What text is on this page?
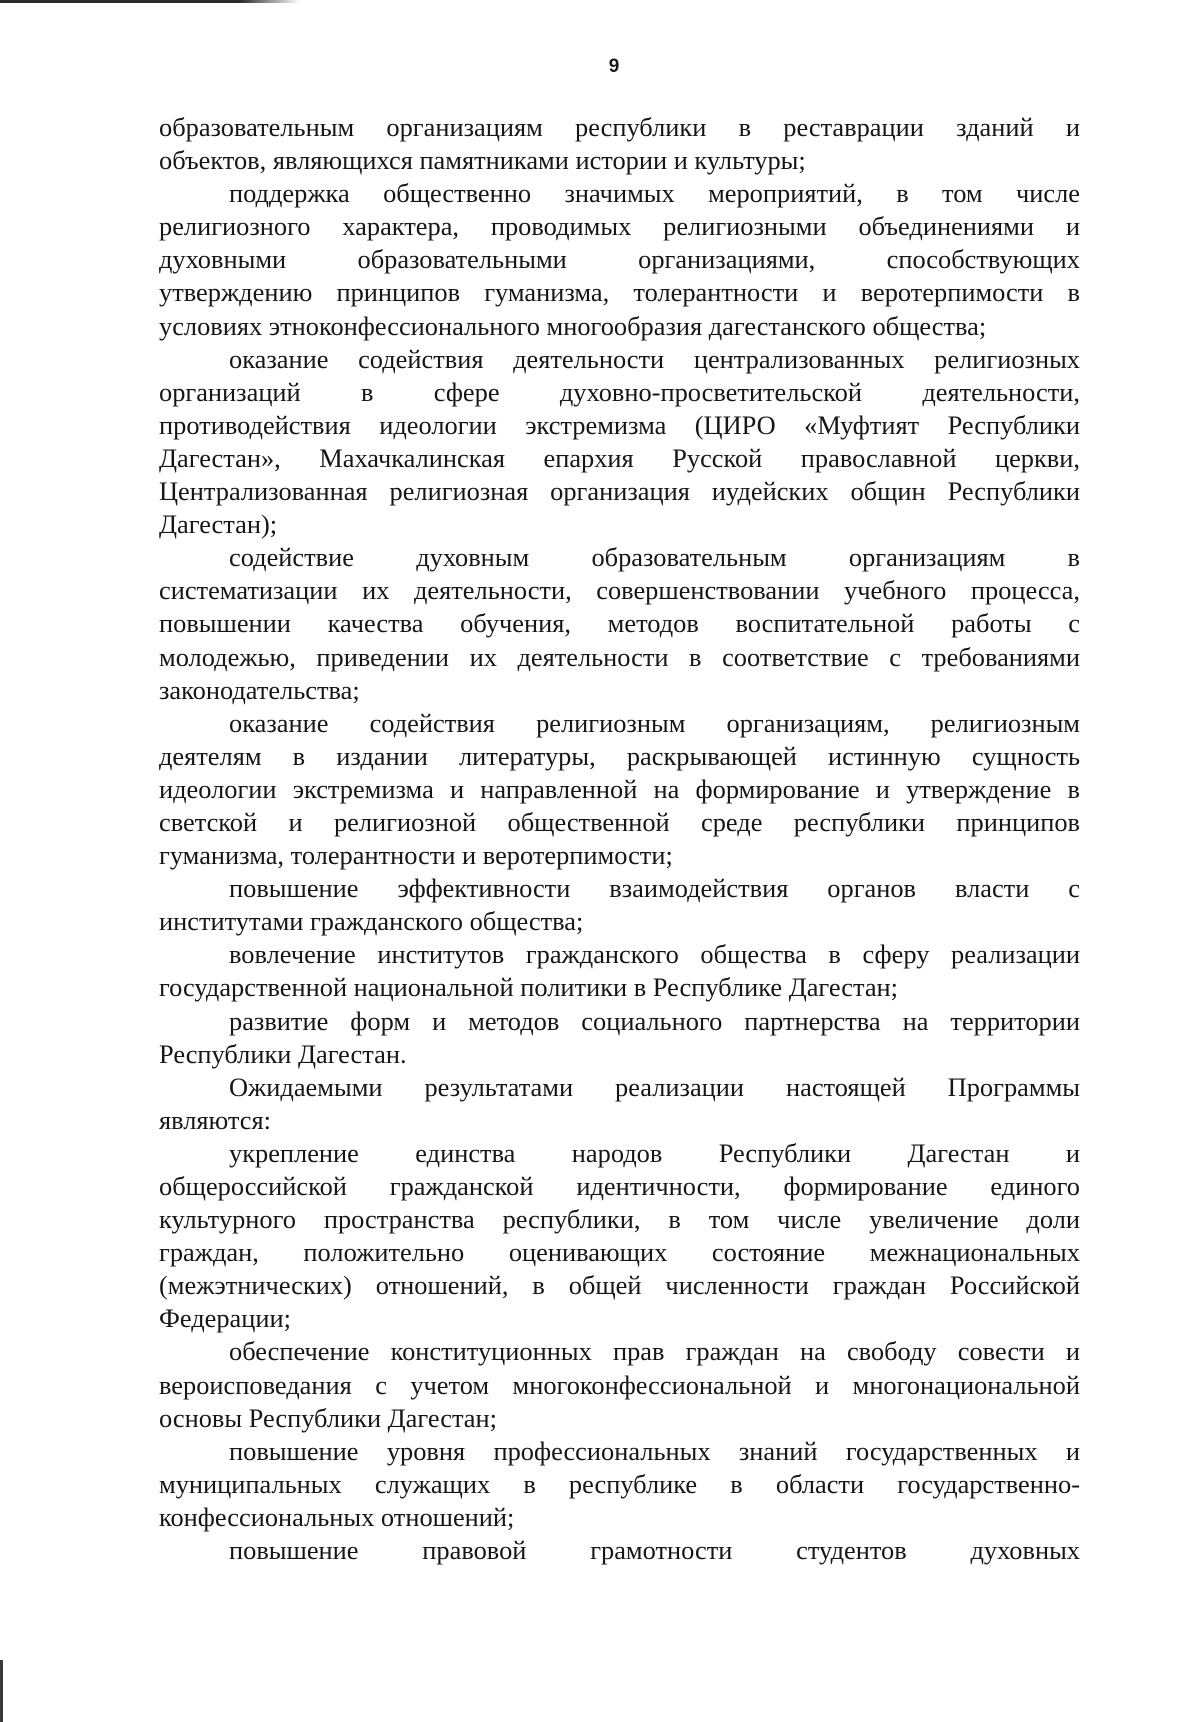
9
образовательным организациям республики в реставрации зданий и
объектов, являющихся памятниками истории и культуры;
поддержка общественно значимых мероприятий, в том числе
религиозного характера, проводимых религиозными объединениями и
духовными образовательными организациями, способствующих
утверждению принципов гуманизма, толерантности и веротерпимости в
условиях этноконфессионального многообразия дагестанского общества;
оказание содействия деятельности централизованных религиозных
организаций в сфере духовно-просветительской деятельности,
противодействия идеологии экстремизма (ЦИРО «Муфтият Республики
Дагестан», Махачкалинская епархия Русской православной церкви,
Централизованная религиозная организация иудейских общин Республики
Дагестан);
содействие духовным образовательным организациям в
систематизации их деятельности, совершенствовании учебного процесса,
повышении качества обучения, методов воспитательной работы с
молодежью, приведении их деятельности в соответствие с требованиями
законодательства;
оказание содействия религиозным организациям, религиозным
деятелям в издании литературы, раскрывающей истинную сущность
идеологии экстремизма и направленной на формирование и утверждение в
светской и религиозной общественной среде республики принципов
гуманизма, толерантности и веротерпимости;
повышение эффективности взаимодействия органов власти с
институтами гражданского общества;
вовлечение институтов гражданского общества в сферу реализации
государственной национальной политики в Республике Дагестан;
развитие форм и методов социального партнерства на территории
Республики Дагестан.
Ожидаемыми результатами реализации настоящей Программы
являются:
укрепление единства народов Республики Дагестан и
общероссийской гражданской идентичности, формирование единого
культурного пространства республики, в том числе увеличение доли
граждан, положительно оценивающих состояние межнациональных
(межэтнических) отношений, в общей численности граждан Российской
Федерации;
обеспечение конституционных прав граждан на свободу совести и
вероисповедания с учетом многоконфессиональной и многонациональной
основы Республики Дагестан;
повышение уровня профессиональных знаний государственных и
муниципальных служащих в республике в области государственно-
конфессиональных отношений;
повышение правовой грамотности студентов духовных
